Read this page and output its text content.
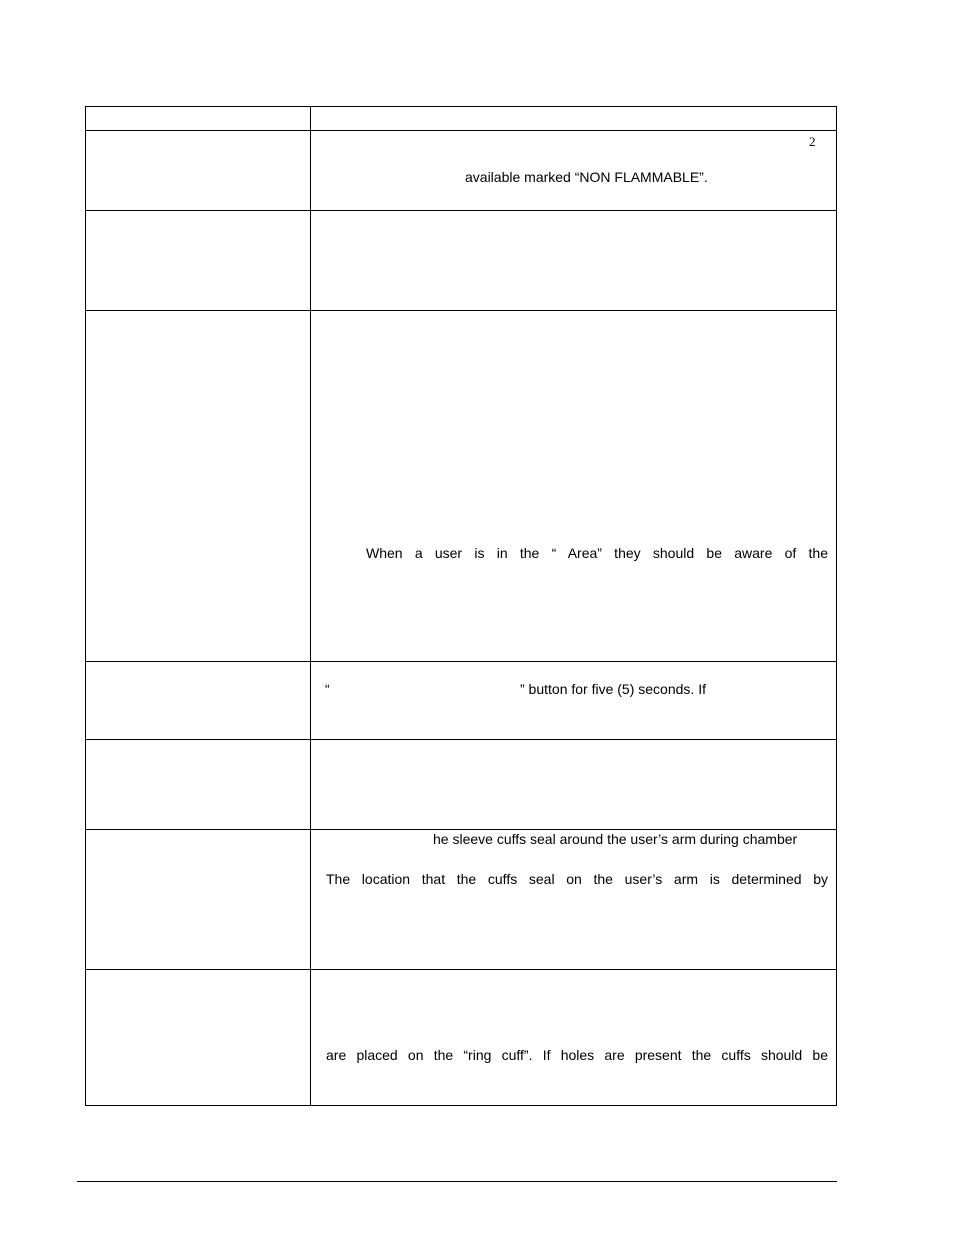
2
available marked “NON FLAMMABLE”.
When a user is in the “ Area” they should be aware of the
“	” button for five (5) seconds. If
he sleeve cuffs seal around the user’s arm during chamber
The location that the cuffs seal on the user’s arm is determined by
are placed on the “ring cuff”. If holes are present the cuffs should be
